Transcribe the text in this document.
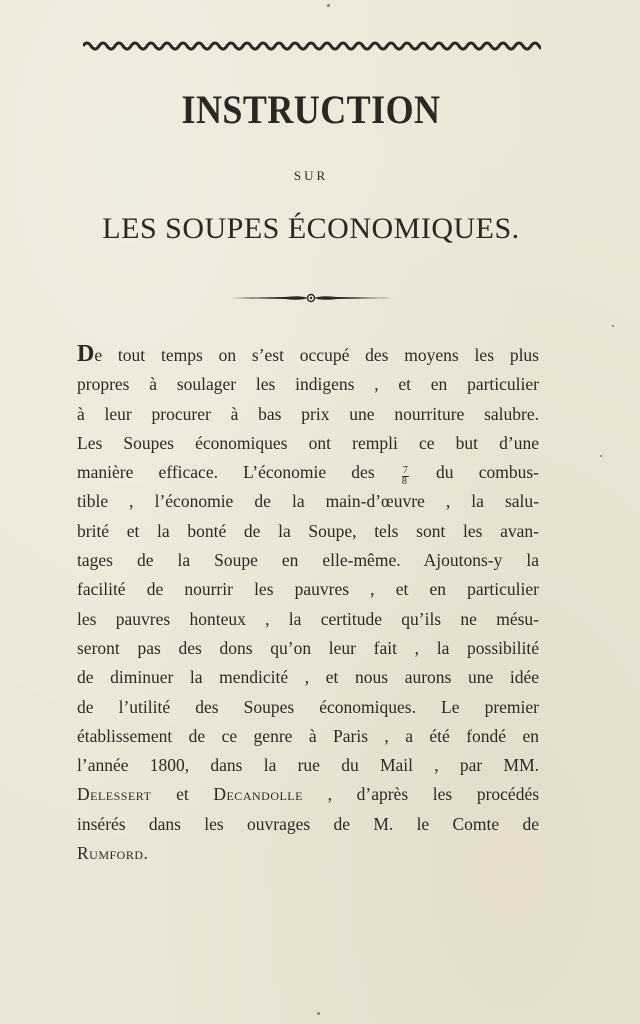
INSTRUCTION
SUR
LES SOUPES ÉCONOMIQUES.
De tout temps on s’est occupé des moyens les plus
propres à soulager les indigens , et en particulier
à leur procurer à bas prix une nourriture salubre.
Les Soupes économiques ont rempli ce but d’une
manière efficace. L’économie des	$\frac{7}{8}$ du combus-
tible , l’économie de la main-d’œuvre , la salu-
brité et la bonté de la Soupe, tels sont les avan-
tages de la Soupe en elle-même. Ajoutons-y la
facilité de nourrir les pauvres , et en particulier
les pauvres honteux , la certitude qu’ils ne mésu-
seront pas des dons qu’on leur fait , la possibilité
de diminuer la mendicité , et nous aurons une idée
de l’utilité des Soupes économiques. Le premier
établissement de ce genre à Paris , a été fondé en
l’année 1800, dans la rue du Mail , par MM.
Delessert et Decandolle , d’après les procédés
insérés dans les ouvrages de M. le Comte de
Rumford.
